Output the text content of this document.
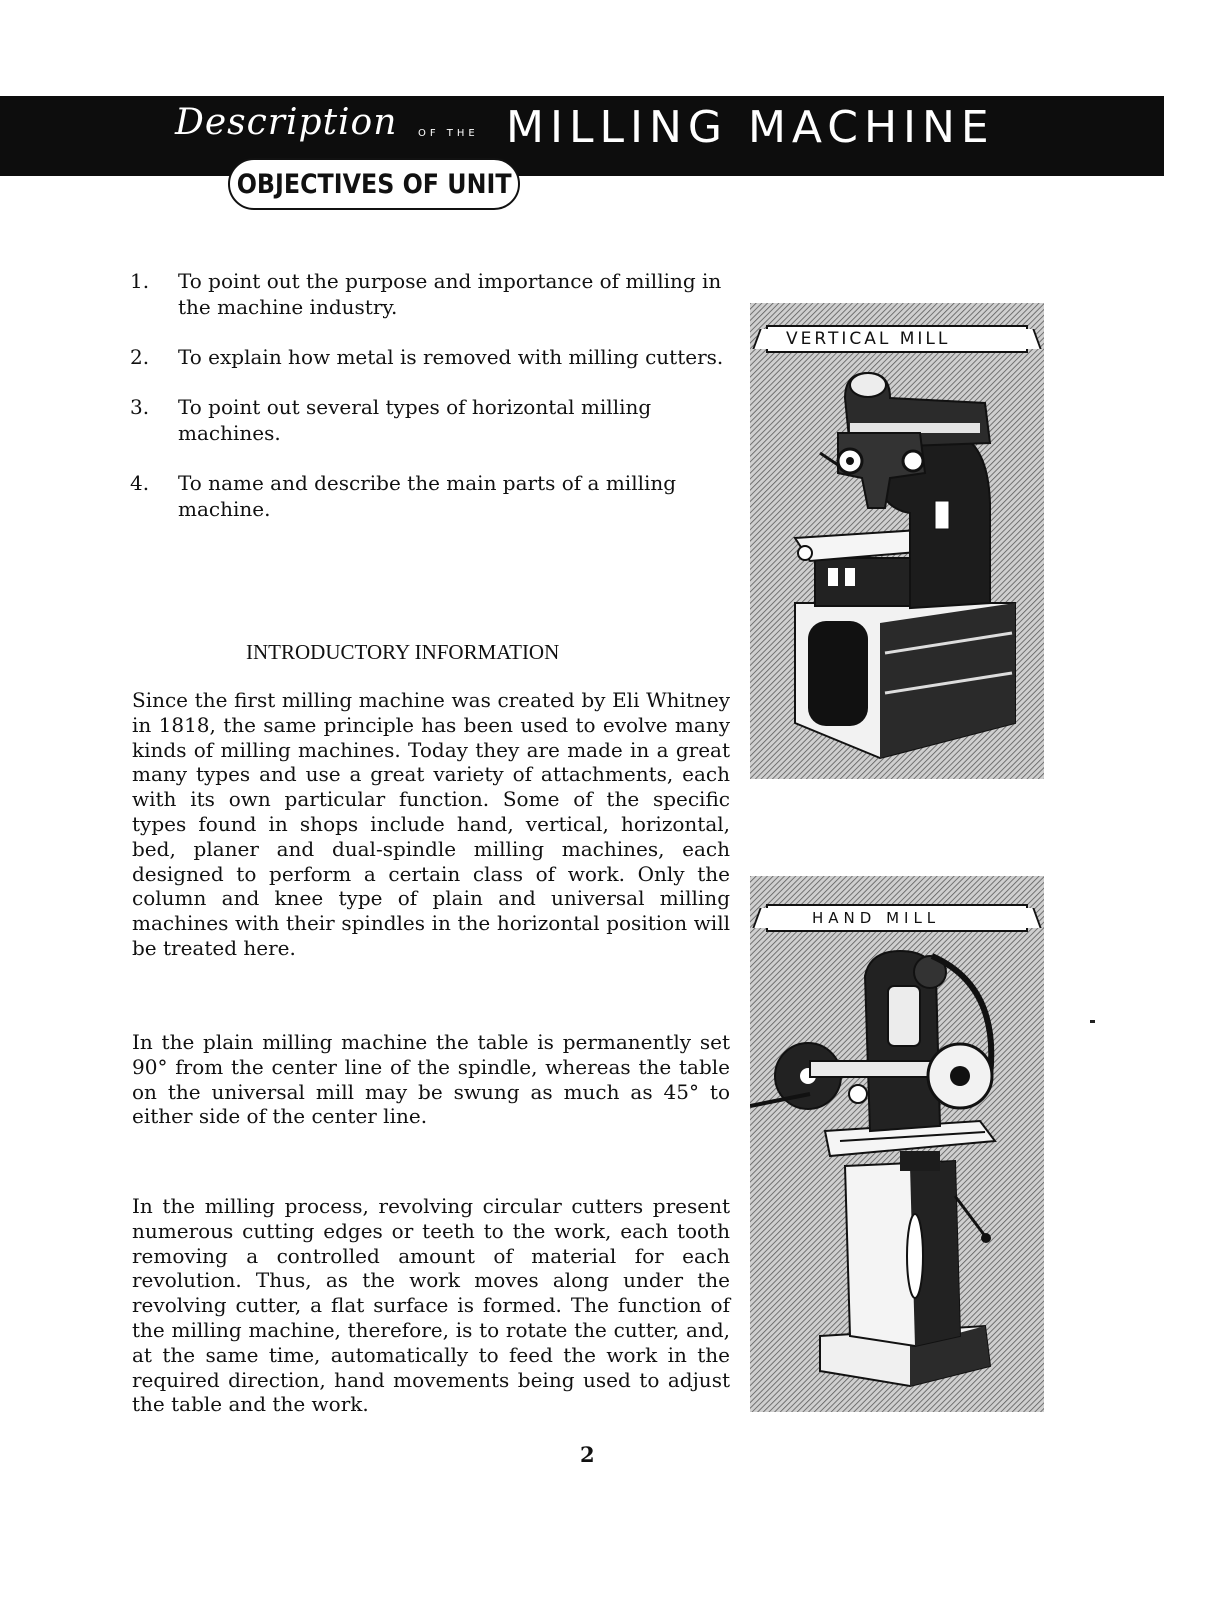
Description OF THE MILLING MACHINE
OBJECTIVES OF UNIT
1.	To point out the purpose and importance of milling in the machine industry.
2.	To explain how metal is removed with milling cutters.
3.	To point out several types of horizontal milling machines.
4.	To name and describe the main parts of a milling machine.
INTRODUCTORY INFORMATION

Since the first milling machine was created by Eli Whitney in 1818, the same principle has been used to evolve many kinds of milling machines. Today they are made in a great many types and use a great variety of attachments, each with its own particular function. Some of the specific types found in shops include hand, vertical, horizontal, bed, planer and dual-spindle milling machines, each designed to perform a certain class of work. Only the column and knee type of plain and universal milling machines with their spindles in the horizontal position will be treated here.

In the plain milling machine the table is permanently set 90° from the center line of the spindle, whereas the table on the universal mill may be swung as much as 45° to either side of the center line.

In the milling process, revolving circular cutters present numerous cutting edges or teeth to the work, each tooth removing a controlled amount of material for each revolution. Thus, as the work moves along under the revolving cutter, a flat surface is formed. The function of the milling machine, therefore, is to rotate the cutter, and, at the same time, automatically to feed the work in the required direction, hand movements being used to adjust the table and the work.

VERTICAL MILL
HAND MILL
2
